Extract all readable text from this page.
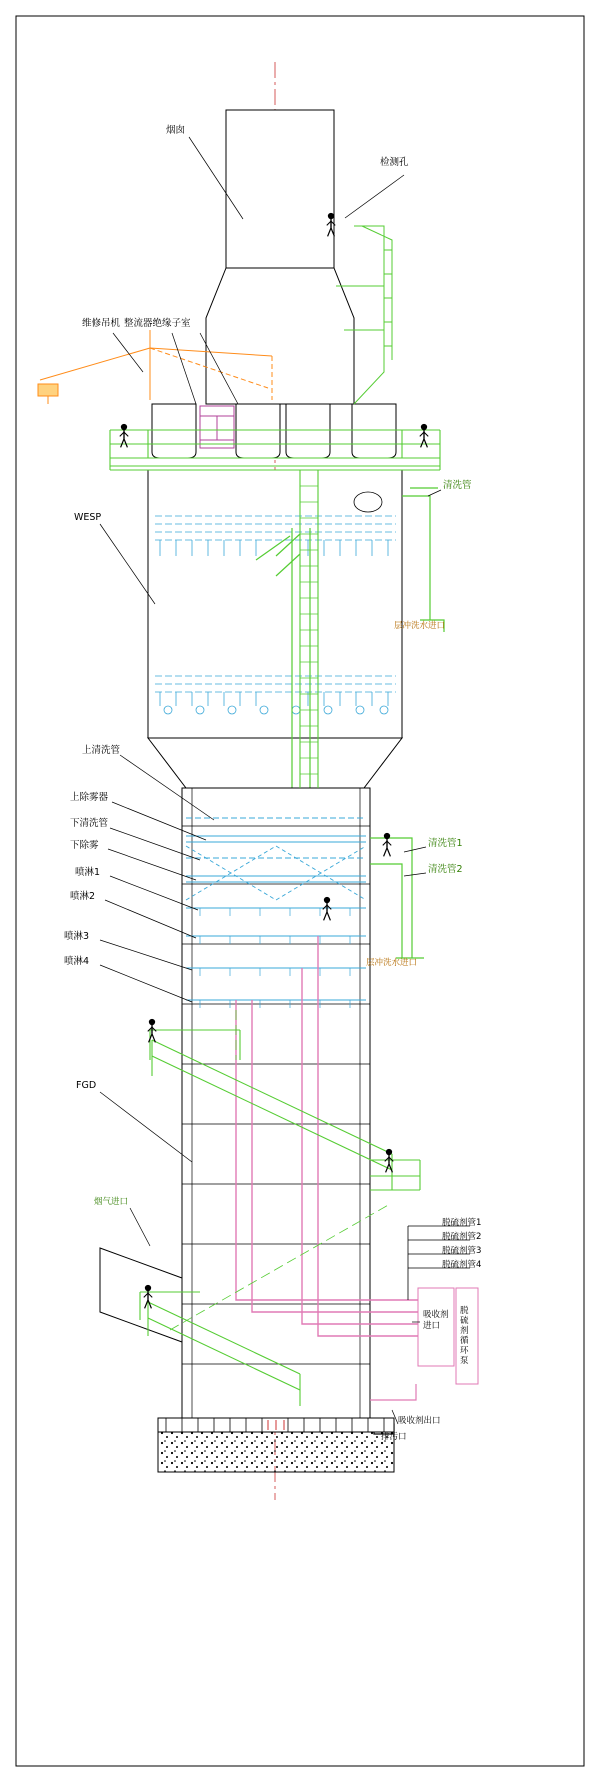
烟囱
检测孔
维修吊机 整流器绝缘子室
WESP
清洗管
层冲洗水进口
上清洗管
上除雾器
下清洗管
下除雾
喷淋1
喷淋2
喷淋3
喷淋4
清洗管1
清洗管2
层冲洗水进口
FGD
烟气进口
脱硫剂管1
脱硫剂管2
脱硫剂管3
脱硫剂管4
吸收剂进口
脱硫剂循环泵
吸收剂出口
排污口
